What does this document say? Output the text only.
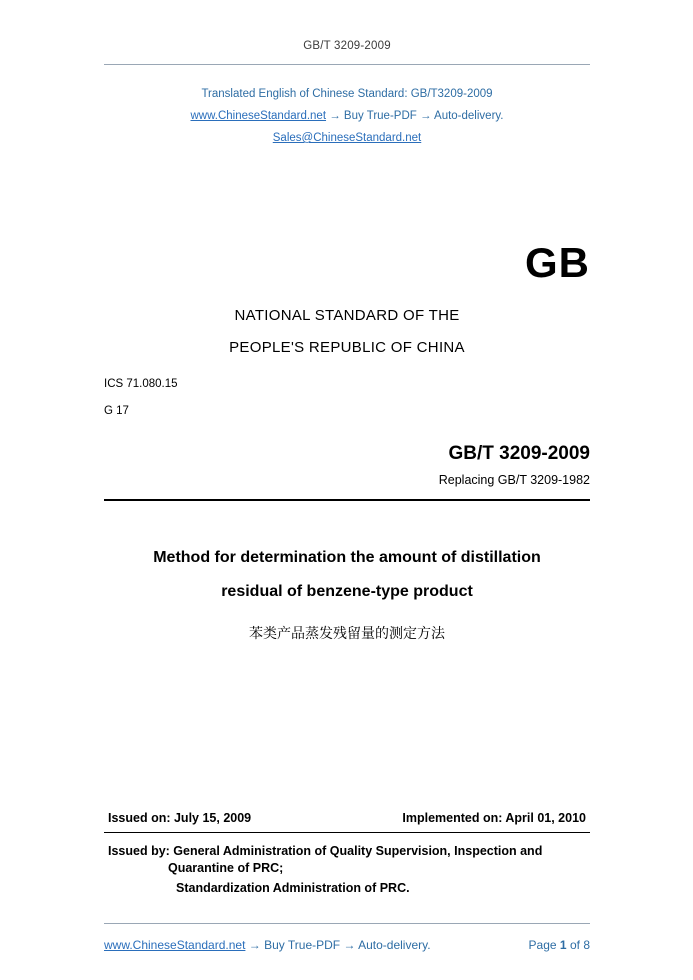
GB/T 3209-2009
Translated English of Chinese Standard: GB/T3209-2009
www.ChineseStandard.net → Buy True-PDF → Auto-delivery.
Sales@ChineseStandard.net
GB
NATIONAL STANDARD OF THE
PEOPLE'S REPUBLIC OF CHINA
ICS 71.080.15
G 17
GB/T 3209-2009
Replacing GB/T 3209-1982
Method for determination the amount of distillation
residual of benzene-type product
苯类产品蒸发残留量的测定方法
Issued on: July 15, 2009	Implemented on: April 01, 2010
Issued by: General Administration of Quality Supervision, Inspection and
Quarantine of PRC;
Standardization Administration of PRC.
www.ChineseStandard.net → Buy True-PDF → Auto-delivery.	Page 1 of 8
